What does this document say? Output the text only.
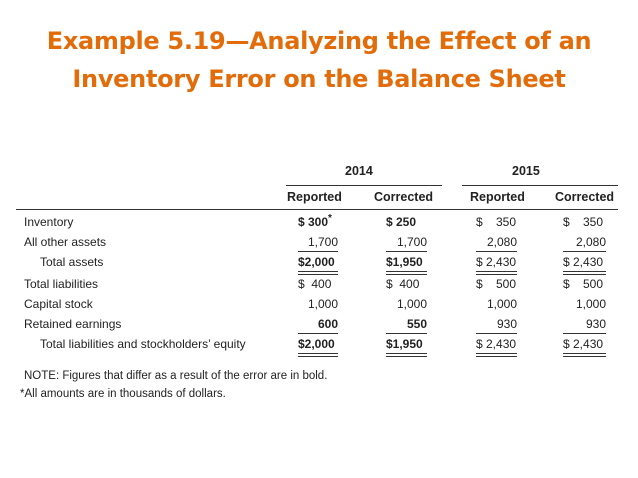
Example 5.19—Analyzing the Effect of an
Inventory Error on the Balance Sheet
2014	2015
Reported	Corrected	Reported Corrected
Inventory	$ 300*	$ 250	$    350	$    350
All other assets	1,700	1,700	2,080	2,080
Total assets	$2,000	$1,950	$ 2,430	$ 2,430
Total liabilities	$  400	$  400	$    500	$    500
Capital stock	1,000	1,000	1,000	1,000
Retained earnings	600	550	930	930
Total liabilities and stockholders’ equity	$2,000	$1,950	$ 2,430	$ 2,430
NOTE: Figures that differ as a result of the error are in bold.
*All amounts are in thousands of dollars.
